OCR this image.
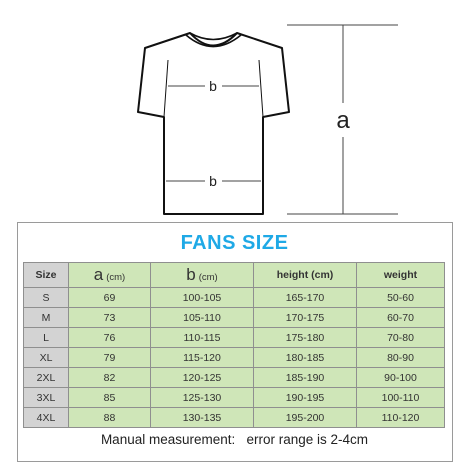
b
b
a
FANS SIZE
Size	a (cm)	b (cm)	height (cm)	weight
S	69	100-105	165-170	50-60
M	73	105-110	170-175	60-70
L	76	110-115	175-180	70-80
XL	79	115-120	180-185	80-90
2XL	82	120-125	185-190	90-100
3XL	85	125-130	190-195	100-110
4XL	88	130-135	195-200	110-120
Manual measurement:   error range is 2-4cm
